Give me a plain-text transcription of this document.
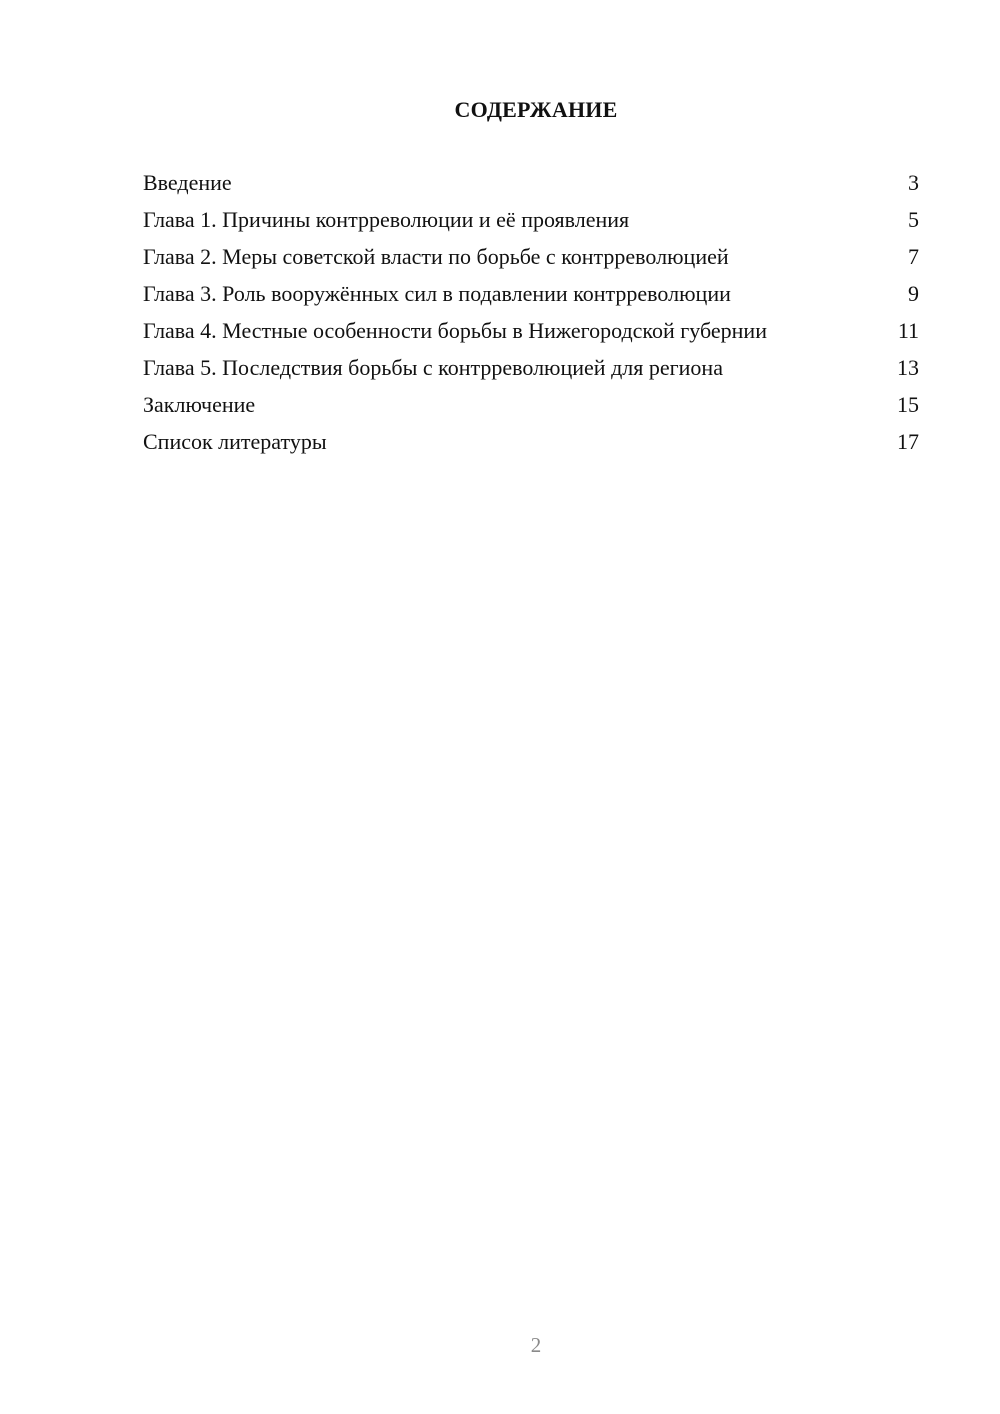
СОДЕРЖАНИЕ
Введение	3
Глава 1. Причины контрреволюции и её проявления	5
Глава 2. Меры советской власти по борьбе с контрреволюцией	7
Глава 3. Роль вооружённых сил в подавлении контрреволюции	9
Глава 4. Местные особенности борьбы в Нижегородской губернии	11
Глава 5. Последствия борьбы с контрреволюцией для региона	13
Заключение	15
Список литературы	17
2
